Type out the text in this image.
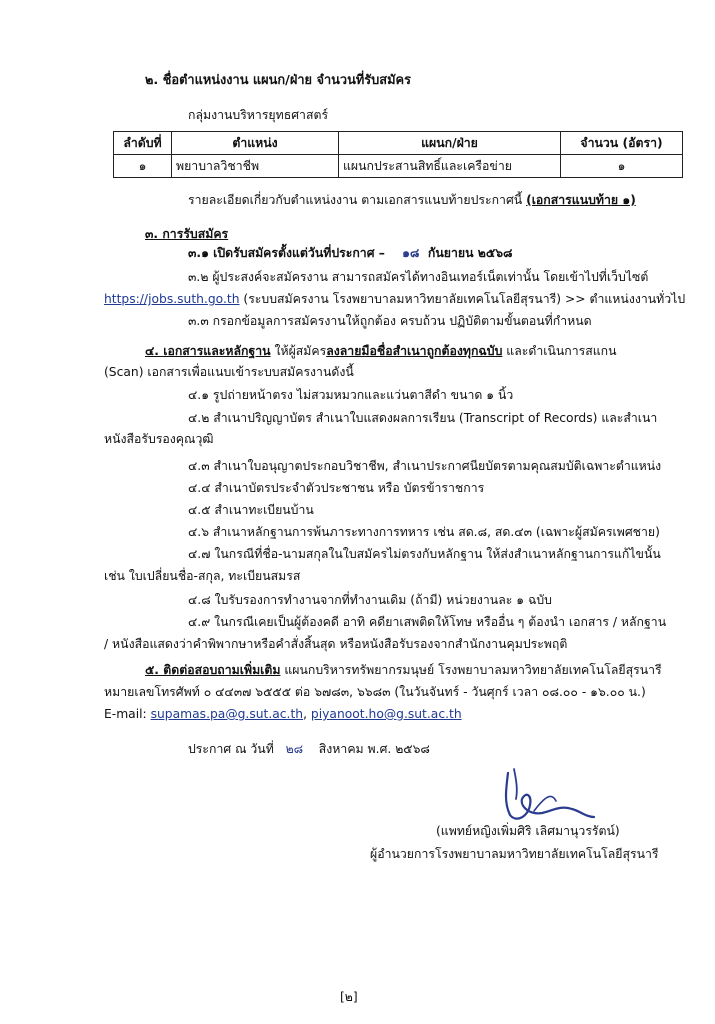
๒. ชื่อตำแหน่งงาน แผนก/ฝ่าย จำนวนที่รับสมัคร
กลุ่มงานบริหารยุทธศาสตร์
ลำดับที่	ตำแหน่ง	แผนก/ฝ่าย	จำนวน (อัตรา)
๑	พยาบาลวิชาชีพ	แผนกประสานสิทธิ์และเครือข่าย	๑
รายละเอียดเกี่ยวกับตำแหน่งงาน ตามเอกสารแนบท้ายประกาศนี้ (เอกสารแนบท้าย ๑)
๓. การรับสมัคร
๓.๑ เปิดรับสมัครตั้งแต่วันที่ประกาศ – ๑๘ กันยายน ๒๕๖๘
๓.๒ ผู้ประสงค์จะสมัครงาน สามารถสมัครได้ทางอินเทอร์เน็ตเท่านั้น โดยเข้าไปที่เว็บไซต์
https://jobs.suth.go.th (ระบบสมัครงาน โรงพยาบาลมหาวิทยาลัยเทคโนโลยีสุรนารี) >> ตำแหน่งงานทั่วไป
๓.๓ กรอกข้อมูลการสมัครงานให้ถูกต้อง ครบถ้วน ปฏิบัติตามขั้นตอนที่กำหนด
๔. เอกสารและหลักฐาน ให้ผู้สมัครลงลายมือชื่อสำเนาถูกต้องทุกฉบับ และดำเนินการสแกน
(Scan) เอกสารเพื่อแนบเข้าระบบสมัครงานดังนี้
๔.๑ รูปถ่ายหน้าตรง ไม่สวมหมวกและแว่นตาสีดำ ขนาด ๑ นิ้ว
๔.๒ สำเนาปริญญาบัตร สำเนาใบแสดงผลการเรียน (Transcript of Records) และสำเนา
หนังสือรับรองคุณวุฒิ
๔.๓ สำเนาใบอนุญาตประกอบวิชาชีพ, สำเนาประกาศนียบัตรตามคุณสมบัติเฉพาะตำแหน่ง
๔.๔ สำเนาบัตรประจำตัวประชาชน หรือ บัตรข้าราชการ
๔.๕ สำเนาทะเบียนบ้าน
๔.๖ สำเนาหลักฐานการพ้นภาระทางการทหาร เช่น สด.๘, สด.๔๓ (เฉพาะผู้สมัครเพศชาย)
๔.๗ ในกรณีที่ชื่อ-นามสกุลในใบสมัครไม่ตรงกับหลักฐาน ให้ส่งสำเนาหลักฐานการแก้ไขนั้น
เช่น ใบเปลี่ยนชื่อ-สกุล, ทะเบียนสมรส
๔.๘ ใบรับรองการทำงานจากที่ทำงานเดิม (ถ้ามี) หน่วยงานละ ๑ ฉบับ
๔.๙ ในกรณีเคยเป็นผู้ต้องคดี อาทิ คดียาเสพติดให้โทษ หรืออื่น ๆ ต้องนำ เอกสาร / หลักฐาน
/ หนังสือแสดงว่าคำพิพากษาหรือคำสั่งสิ้นสุด หรือหนังสือรับรองจากสำนักงานคุมประพฤติ
๕. ติดต่อสอบถามเพิ่มเติม แผนกบริหารทรัพยากรมนุษย์ โรงพยาบาลมหาวิทยาลัยเทคโนโลยีสุรนารี
หมายเลขโทรศัพท์ ๐ ๔๔๓๗ ๖๕๕๕ ต่อ ๖๗๘๓, ๖๖๘๓ (ในวันจันทร์ - วันศุกร์ เวลา ๐๘.๐๐ - ๑๖.๐๐ น.)
E-mail: supamas.pa@g.sut.ac.th, piyanoot.ho@g.sut.ac.th
ประกาศ ณ วันที่ ๒๘ สิงหาคม พ.ศ. ๒๕๖๘
(แพทย์หญิงเพิ่มศิริ เลิศมานุวรรัตน์)
ผู้อำนวยการโรงพยาบาลมหาวิทยาลัยเทคโนโลยีสุรนารี
[๒]
